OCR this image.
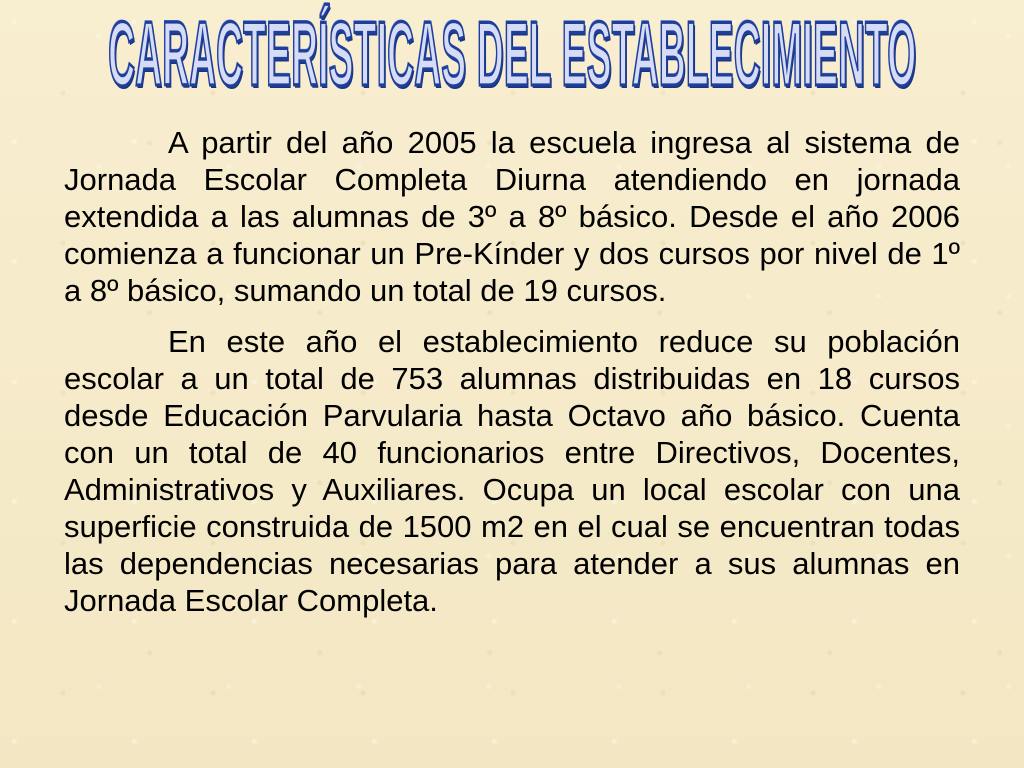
CARACTERÍSTICAS DEL ESTABLECIMIENTO

A partir del año 2005 la escuela ingresa al sistema de Jornada Escolar Completa Diurna atendiendo en jornada extendida a las alumnas de 3º a 8º básico. Desde el año 2006 comienza a funcionar un Pre-Kínder y dos cursos por nivel de 1º a 8º básico, sumando un total de 19 cursos.

En este año el establecimiento reduce su población escolar a un total de 753 alumnas distribuidas en 18 cursos desde Educación Parvularia hasta Octavo año básico. Cuenta con un total de 40 funcionarios entre Directivos, Docentes, Administrativos y Auxiliares. Ocupa un local escolar con una superficie construida de 1500 m2 en el cual se encuentran todas las dependencias necesarias para atender a sus alumnas en Jornada Escolar Completa.
